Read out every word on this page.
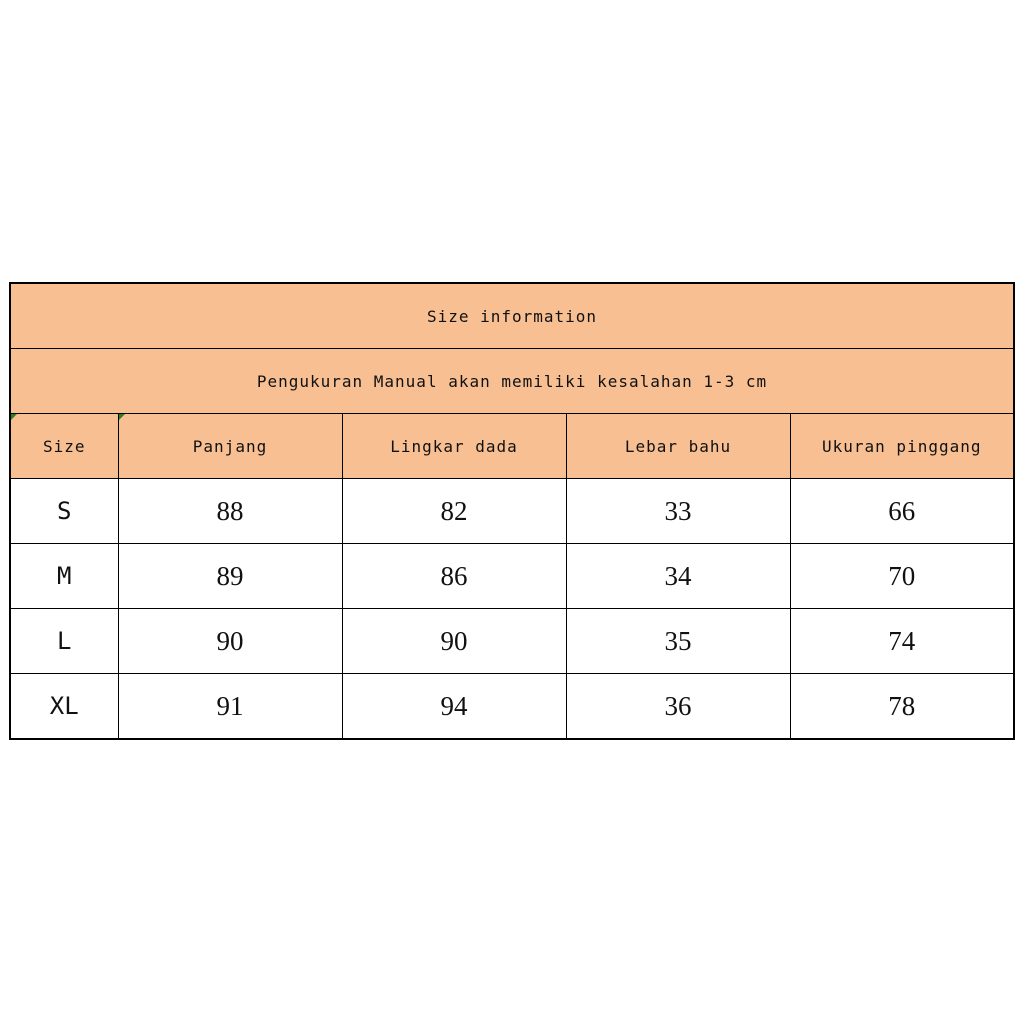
Size information				
Pengukuran Manual akan memiliki kesalahan 1-3 cm				

Size	Panjang	Lingkar dada	Lebar bahu	Ukuran pinggang
S	88	82	33	66
M	89	86	34	70
L	90	90	35	74
XL	91	94	36	78
